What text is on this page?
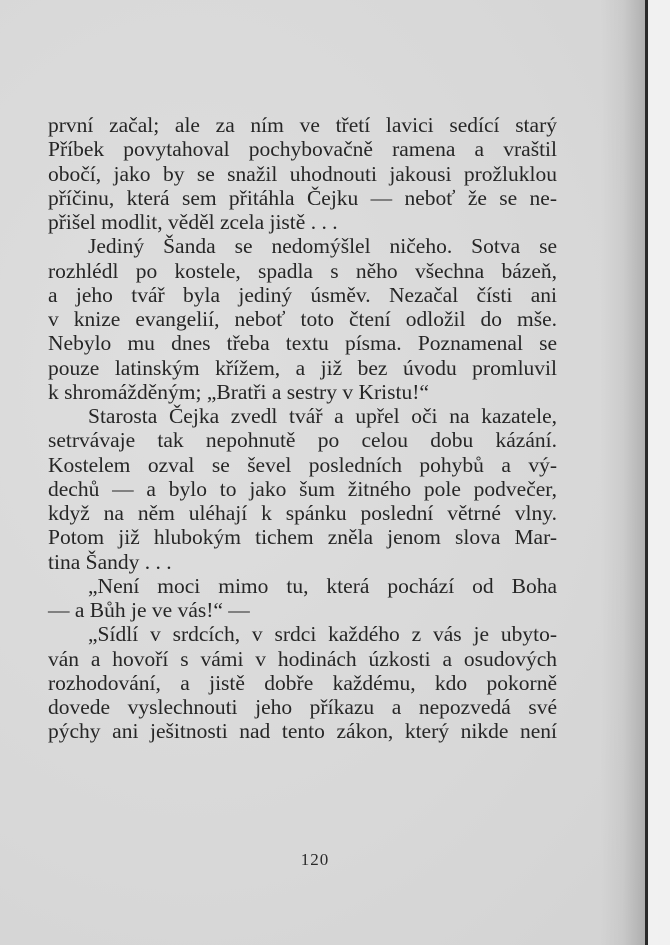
první začal; ale za ním ve třetí lavici sedící starý
Příbek povytahoval pochybovačně ramena a vraštil
obočí, jako by se snažil uhodnouti jakousi prožluklou
příčinu, která sem přitáhla Čejku — neboť že se ne-
přišel modlit, věděl zcela jistě . . .
Jediný Šanda se nedomýšlel ničeho. Sotva se
rozhlédl po kostele, spadla s něho všechna bázeň,
a jeho tvář byla jediný úsměv. Nezačal čísti ani
v knize evangelií, neboť toto čtení odložil do mše.
Nebylo mu dnes třeba textu písma. Poznamenal se
pouze latinským křížem, a již bez úvodu promluvil
k shromážděným; „Bratři a sestry v Kristu!“
Starosta Čejka zvedl tvář a upřel oči na kazatele,
setrvávaje tak nepohnutě po celou dobu kázání.
Kostelem ozval se ševel posledních pohybů a vý-
dechů — a bylo to jako šum žitného pole podvečer,
když na něm uléhají k spánku poslední větrné vlny.
Potom již hlubokým tichem zněla jenom slova Mar-
tina Šandy . . .
„Není moci mimo tu, která pochází od Boha
— a Bůh je ve vás!“ —
„Sídlí v srdcích, v srdci každého z vás je ubyto-
ván a hovoří s vámi v hodinách úzkosti a osudových
rozhodování, a jistě dobře každému, kdo pokorně
dovede vyslechnouti jeho příkazu a nepozvedá své
pýchy ani ješitnosti nad tento zákon, který nikde není
120
